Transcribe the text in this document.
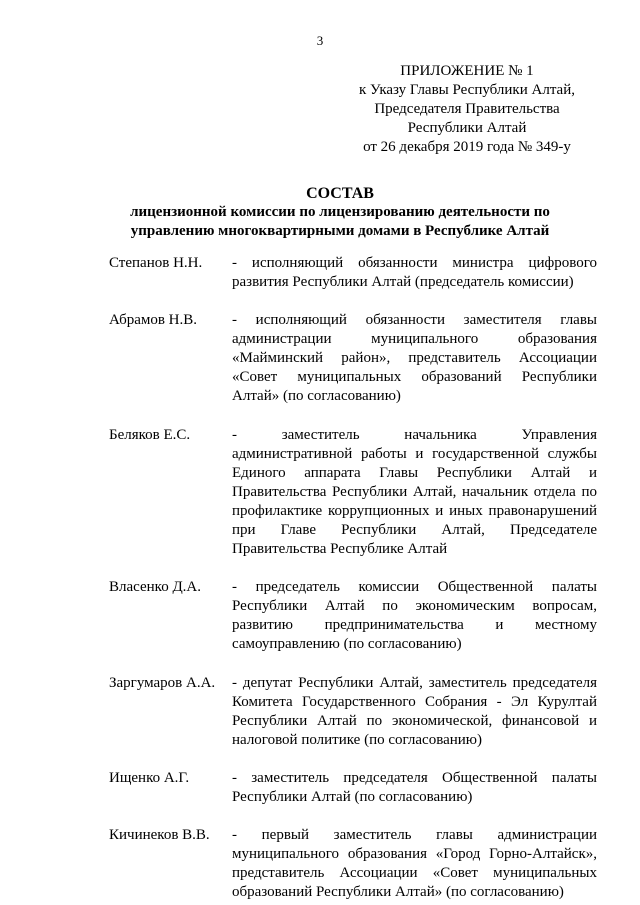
3
ПРИЛОЖЕНИЕ № 1
к Указу Главы Республики Алтай,
Председателя Правительства
Республики Алтай
от 26 декабря 2019 года № 349-у
СОСТАВ
лицензионной комиссии по лицензированию деятельности по
управлению многоквартирными домами в Республике Алтай
Степанов Н.Н.	- исполняющий обязанности министра цифрового развития Республики Алтай (председатель комиссии)
Абрамов Н.В.	- исполняющий обязанности заместителя главы администрации муниципального образования «Майминский район», представитель Ассоциации «Совет муниципальных образований Республики Алтай» (по согласованию)
Беляков Е.С.	- заместитель начальника Управления административной работы и государственной службы Единого аппарата Главы Республики Алтай и Правительства Республики Алтай, начальник отдела по профилактике коррупционных и иных правонарушений при Главе Республики Алтай, Председателе Правительства Республике Алтай
Власенко Д.А.	- председатель комиссии Общественной палаты Республики Алтай по экономическим вопросам, развитию предпринимательства и местному самоуправлению (по согласованию)
Заргумаров А.А.	- депутат Республики Алтай, заместитель председателя Комитета Государственного Собрания - Эл Курултай Республики Алтай по экономической, финансовой и налоговой политике (по согласованию)
Ищенко А.Г.	- заместитель председателя Общественной палаты Республики Алтай (по согласованию)
Кичинеков В.В.	- первый заместитель главы администрации муниципального образования «Город Горно-Алтайск», представитель Ассоциации «Совет муниципальных образований Республики Алтай» (по согласованию)
